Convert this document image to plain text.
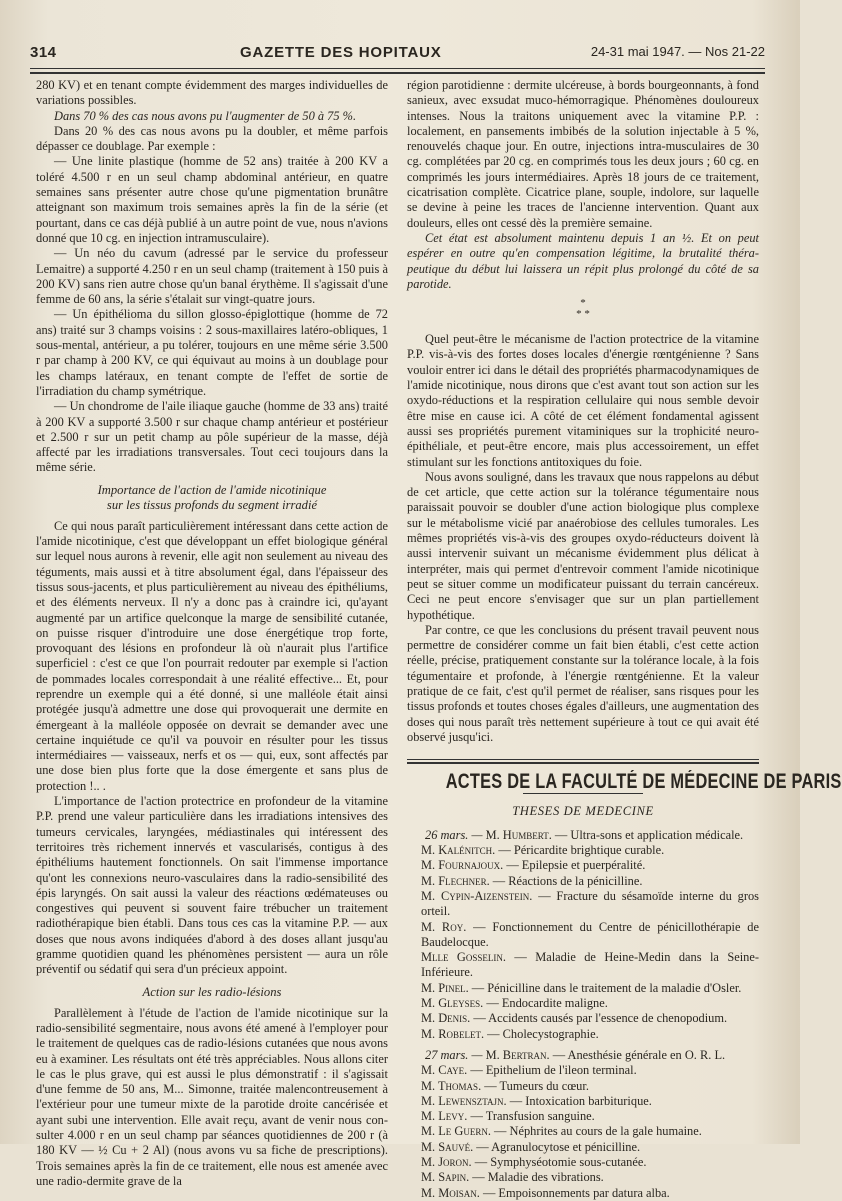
314	GAZETTE DES HOPITAUX	24-31 mai 1947. — Nos 21-22

280 KV) et en tenant compte évidemment des marges individuelles de variations possibles.

Dans 70 % des cas nous avons pu l'augmenter de 50 à 75 %.

Dans 20 % des cas nous avons pu la doubler, et même parfois dépasser ce doublage. Par exemple :

— Une linite plastique (homme de 52 ans) traitée à 200 KV a toléré 4.500 r en un seul champ abdominal antérieur, en quatre semaines sans présenter autre chose qu'une pigmentation brunâtre atteignant son maximum trois semaines après la fin de la série (et pourtant, dans ce cas déjà publié à un autre point de vue, nous n'avions donné que 10 cg. en injection intramusculaire).

— Un néo du cavum (adressé par le service du professeur Lemaitre) a supporté 4.250 r en un seul champ (traitement à 150 puis à 200 KV) sans rien autre chose qu'un banal érythème. Il s'agissait d'une femme de 60 ans, la série s'étalait sur vingt-quatre jours.

— Un épithélioma du sillon glosso-épiglottique (homme de 72 ans) traité sur 3 champs voisins : 2 sous-maxillaires latéro-obliques, 1 sous-mental, antérieur, a pu tolérer, toujours en une même série 3.500 r par champ à 200 KV, ce qui équivaut au moins à un doublage pour les champs latéraux, en tenant compte de l'effet de sortie de l'irradiation du champ symétrique.

— Un chondrome de l'aile iliaque gauche (homme de 33 ans) traité à 200 KV a supporté 3.500 r sur chaque champ antérieur et postérieur et 2.500 r sur un petit champ au pôle supérieur de la masse, déjà affecté par les irradiations transversales. Tout ceci toujours dans la même série.

Importance de l'action de l'amide nicotinique
sur les tissus profonds du segment irradié

Ce qui nous paraît particulièrement intéressant dans cette action de l'amide nicotinique, c'est que développant un effet biologique général sur lequel nous aurons à revenir, elle agit non seulement au niveau des téguments, mais aussi et à titre absolument égal, dans l'épaisseur des tissus sous-jacents, et plus particulièrement au niveau des épithéliums, et des éléments nerveux. Il n'y a donc pas à craindre ici, qu'ayant augmenté par un artifice quelconque la marge de sensibilité cutanée, on puisse risquer d'introduire une dose énergétique trop forte, provoquant des lésions en profondeur là où n'aurait plus l'artifice superficiel : c'est ce que l'on pourrait redouter par exemple si l'action de pommades locales correspondait à une réalité effective... Et, pour reprendre un exemple qui a été donné, si une malléole était ainsi protégée jusqu'à admettre une dose qui provoquerait une dermite en émergeant à la malléole opposée on devrait se demander avec une certaine inquiétude ce qu'il va pouvoir en résulter pour les tissus intermédiaires — vaisseaux, nerfs et os — qui, eux, sont affectés par une dose bien plus forte que la dose émergente et sans plus de protection !.. .

L'importance de l'action protectrice en profondeur de la vitamine P.P. prend une valeur particulière dans les irradiations intensives des tumeurs cervicales, laryngées, médiastinales qui intéressent des territoires très richement innervés et vascularisés, contigus à des épithéliums hautement fonctionnels. On sait l'immense importance qu'ont les connexions neuro-vasculaires dans la radio-sensibilité des épis laryngés. On sait aussi la valeur des réactions œdémateuses ou congestives qui peuvent si souvent faire trébucher un traitement radiothérapique bien établi. Dans tous ces cas la vitamine P.P. — aux doses que nous avons indiquées d'abord à des doses allant jusqu'au gramme quotidien quand les phénomènes persistent — aura un rôle préventif ou sédatif qui sera d'un précieux appoint.

Action sur les radio-lésions

Parallèlement à l'étude de l'action de l'amide nicotinique sur la radio-sensibilité segmentaire, nous avons été amené à l'employer pour le traitement de quelques cas de radio-lésions cutanées que nous avons eu à examiner. Les résultats ont été très appréciables. Nous allons citer le cas le plus grave, qui est aussi le plus démonstratif : il s'agissait d'une femme de 50 ans, M... Simonne, traitée malencontreusement à l'extérieur pour une tumeur mixte de la parotide droite cancérisée et ayant subi une intervention. Elle avait reçu, avant de venir nous consulter 4.000 r en un seul champ par séances quotidiennes de 200 r (à 180 KV — ½ Cu + 2 Al) (nous avons vu sa fiche de prescriptions). Trois semaines après la fin de ce traitement, elle nous est amenée avec une radio-dermite grave de la

région parotidienne : dermite ulcéreuse, à bords bourgeonnants, à fond sanieux, avec exsudat muco-hémorragique. Phénomènes douloureux intenses. Nous la traitons uniquement avec la vitamine P.P. : localement, en pansements imbibés de la solution injectable à 5 %, renouvelés chaque jour. En outre, injections intra-musculaires de 30 cg. complétées par 20 cg. en comprimés tous les deux jours ; 60 cg. en comprimés les jours intermédiaires. Après 18 jours de ce traitement, cicatrisation complète. Cicatrice plane, souple, indolore, sur laquelle se devine à peine les traces de l'ancienne intervention. Quant aux douleurs, elles ont cessé dès la première semaine.

Cet état est absolument maintenu depuis 1 an ½. Et on peut espérer en outre qu'en compensation légitime, la brutalité thérapeutique du début lui laissera un répit plus prolongé du côté de sa parotide.

*
* *

Quel peut-être le mécanisme de l'action protectrice de la vitamine P.P. vis-à-vis des fortes doses locales d'énergie rœntgénienne ? Sans vouloir entrer ici dans le détail des propriétés pharmacodynamiques de l'amide nicotinique, nous dirons que c'est avant tout son action sur les oxydo-réductions et la respiration cellulaire qui nous semble devoir être mise en cause ici. A côté de cet élément fondamental agissent aussi ses propriétés purement vitaminiques sur la trophicité neuro-épithéliale, et peut-être encore, mais plus accessoirement, un effet stimulant sur les fonctions antitoxiques du foie.

Nous avons souligné, dans les travaux que nous rappelons au début de cet article, que cette action sur la tolérance tégumentaire nous paraissait pouvoir se doubler d'une action biologique plus complexe sur le métabolisme vicié par anaérobiose des cellules tumorales. Les mêmes propriétés vis-à-vis des groupes oxydo-réducteurs doivent là aussi intervenir suivant un mécanisme évidemment plus délicat à interpréter, mais qui permet d'entrevoir comment l'amide nicotinique peut se situer comme un modificateur puissant du terrain cancéreux. Ceci ne peut encore s'envisager que sur un plan partiellement hypothétique.

Par contre, ce que les conclusions du présent travail peuvent nous permettre de considérer comme un fait bien établi, c'est cette action réelle, précise, pratiquement constante sur la tolérance locale, à la fois tégumentaire et profonde, à l'énergie rœntgénienne. Et la valeur pratique de ce fait, c'est qu'il permet de réaliser, sans risques pour les tissus profonds et toutes choses égales d'ailleurs, une augmentation des doses qui nous paraît très nettement supérieure à tout ce qui avait été observé jusqu'ici.

ACTES DE LA FACULTÉ DE MÉDECINE DE PARIS
THESES DE MEDECINE

26 mars. — M. Humbert. — Ultra-sons et application médicale.

M. Kalénitch. — Péricardite brightique curable.

M. Fournajoux. — Epilepsie et puerpéralité.

M. Flechner. — Réactions de la pénicilline.

M. Cypin-Aizenstein. — Fracture du sésamoïde interne du gros orteil.

M. Roy. — Fonctionnement du Centre de pénicillothérapie de Baudelocque.

Mlle Gosselin. — Maladie de Heine-Medin dans la Seine-Inférieure.

M. Pinel. — Pénicilline dans le traitement de la maladie d'Osler.

M. Gleyses. — Endocardite maligne.

M. Denis. — Accidents causés par l'essence de chenopodium.

M. Robelet. — Cholecystographie.

27 mars. — M. Bertran. — Anesthésie générale en O. R. L.

M. Caye. — Epithelium de l'ileon terminal.

M. Thomas. — Tumeurs du cœur.

M. Lewensztajn. — Intoxication barbiturique.

M. Levy. — Transfusion sanguine.

M. Le Guern. — Néphrites au cours de la gale humaine.

M. Sauvé. — Agranulocytose et pénicilline.

M. Joron. — Symphyséotomie sous-cutanée.

M. Sapin. — Maladie des vibrations.

M. Moisan. — Empoisonnements par datura alba.
